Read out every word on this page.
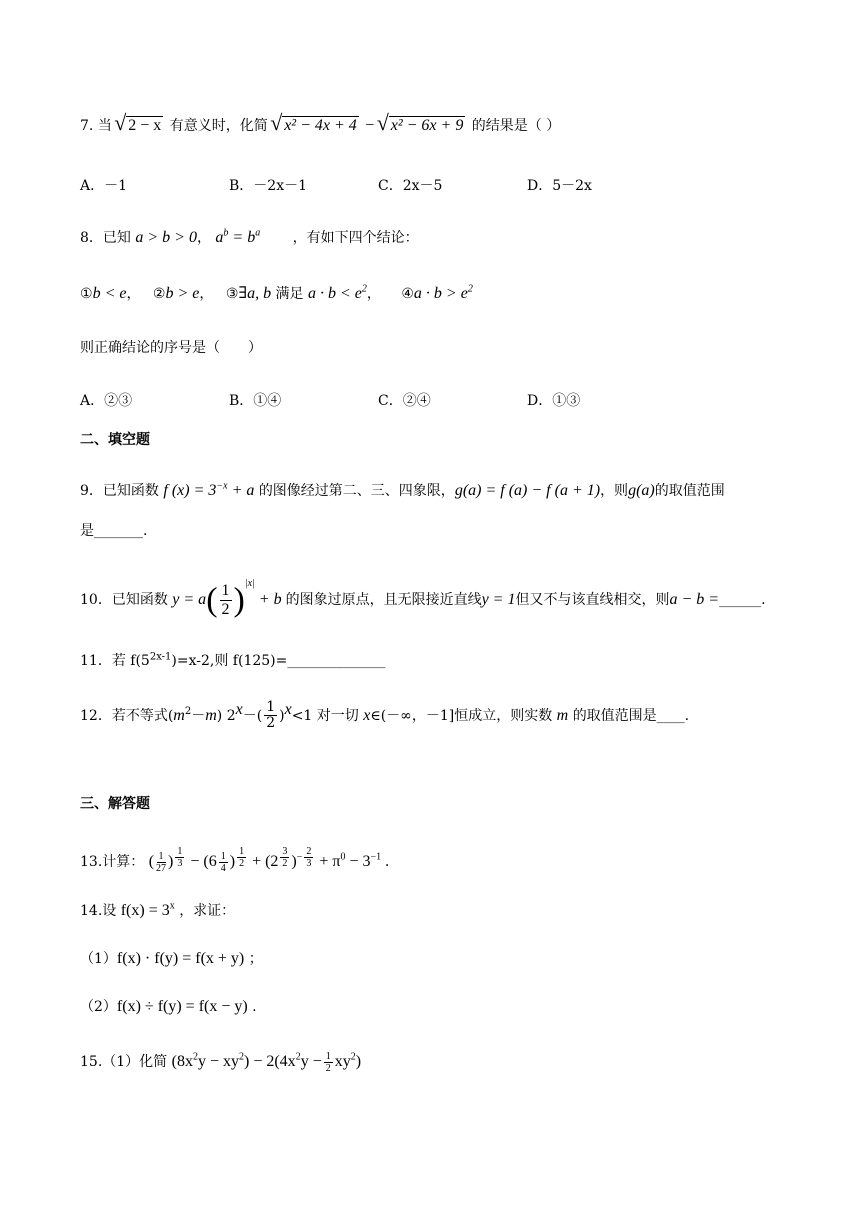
7. 当 √ 2 − x 有意义时，化简 √ x² − 4x + 4 − √ x² − 6x + 9 的结果是（ ）
A．－1	B．－2x－1	C．2x－5	D．5－2x
8．已知 a > b > 0， $a^b = b^a$ ，有如下四个结论：
①b < e， ②b > e， ③∃a, b 满足 $a \cdot b < e^2$， ④a · $b > e^2$
则正确结论的序号是（　　）
A．②③	B．①④	C．②④	D．①③
二、填空题
9．已知函数 f $(x) = 3^{-x} + a$ 的图像经过第二、三、四象限，g(a) = f (a) − f (a + 1)，则g(a)的取值范围
是_______.
10．已知函数 $y = a( \frac{1}{2} )^{|x|} + b$ 的图象过原点，且无限接近直线y = 1但又不与该直线相交，则a − b =______.
11．若 $f(5^{2x-1})=x-2$,则 f(125)=______________
12．若不等式$(m^2-m)$ $2^x-( \frac{1}{2} )^x<1$ 对一切 x∈(－∞，－1]恒成立，则实数 m 的取值范围是____.
三、解答题
13.计算： ( $\frac{1}{27}$ ) $^{\frac{1}{3}} - (6 \frac{1}{4}$ ) $^{\frac{1}{2}}$ + (2 $^{\frac{3}{2}}$ )$^{- \frac{2}{3}} + \pi^0 - 3^{-1}$ .
14.设 $f(x) = 3^x$ ，求证：
（1）f(x) · f(y) = f(x + y) ；
（2）f(x) ÷ f(y) = f(x − y) .
15.（1）化简 $(8x^2y - xy^2) - 2(4x^2y - \frac{1}{2} xy^2)$
